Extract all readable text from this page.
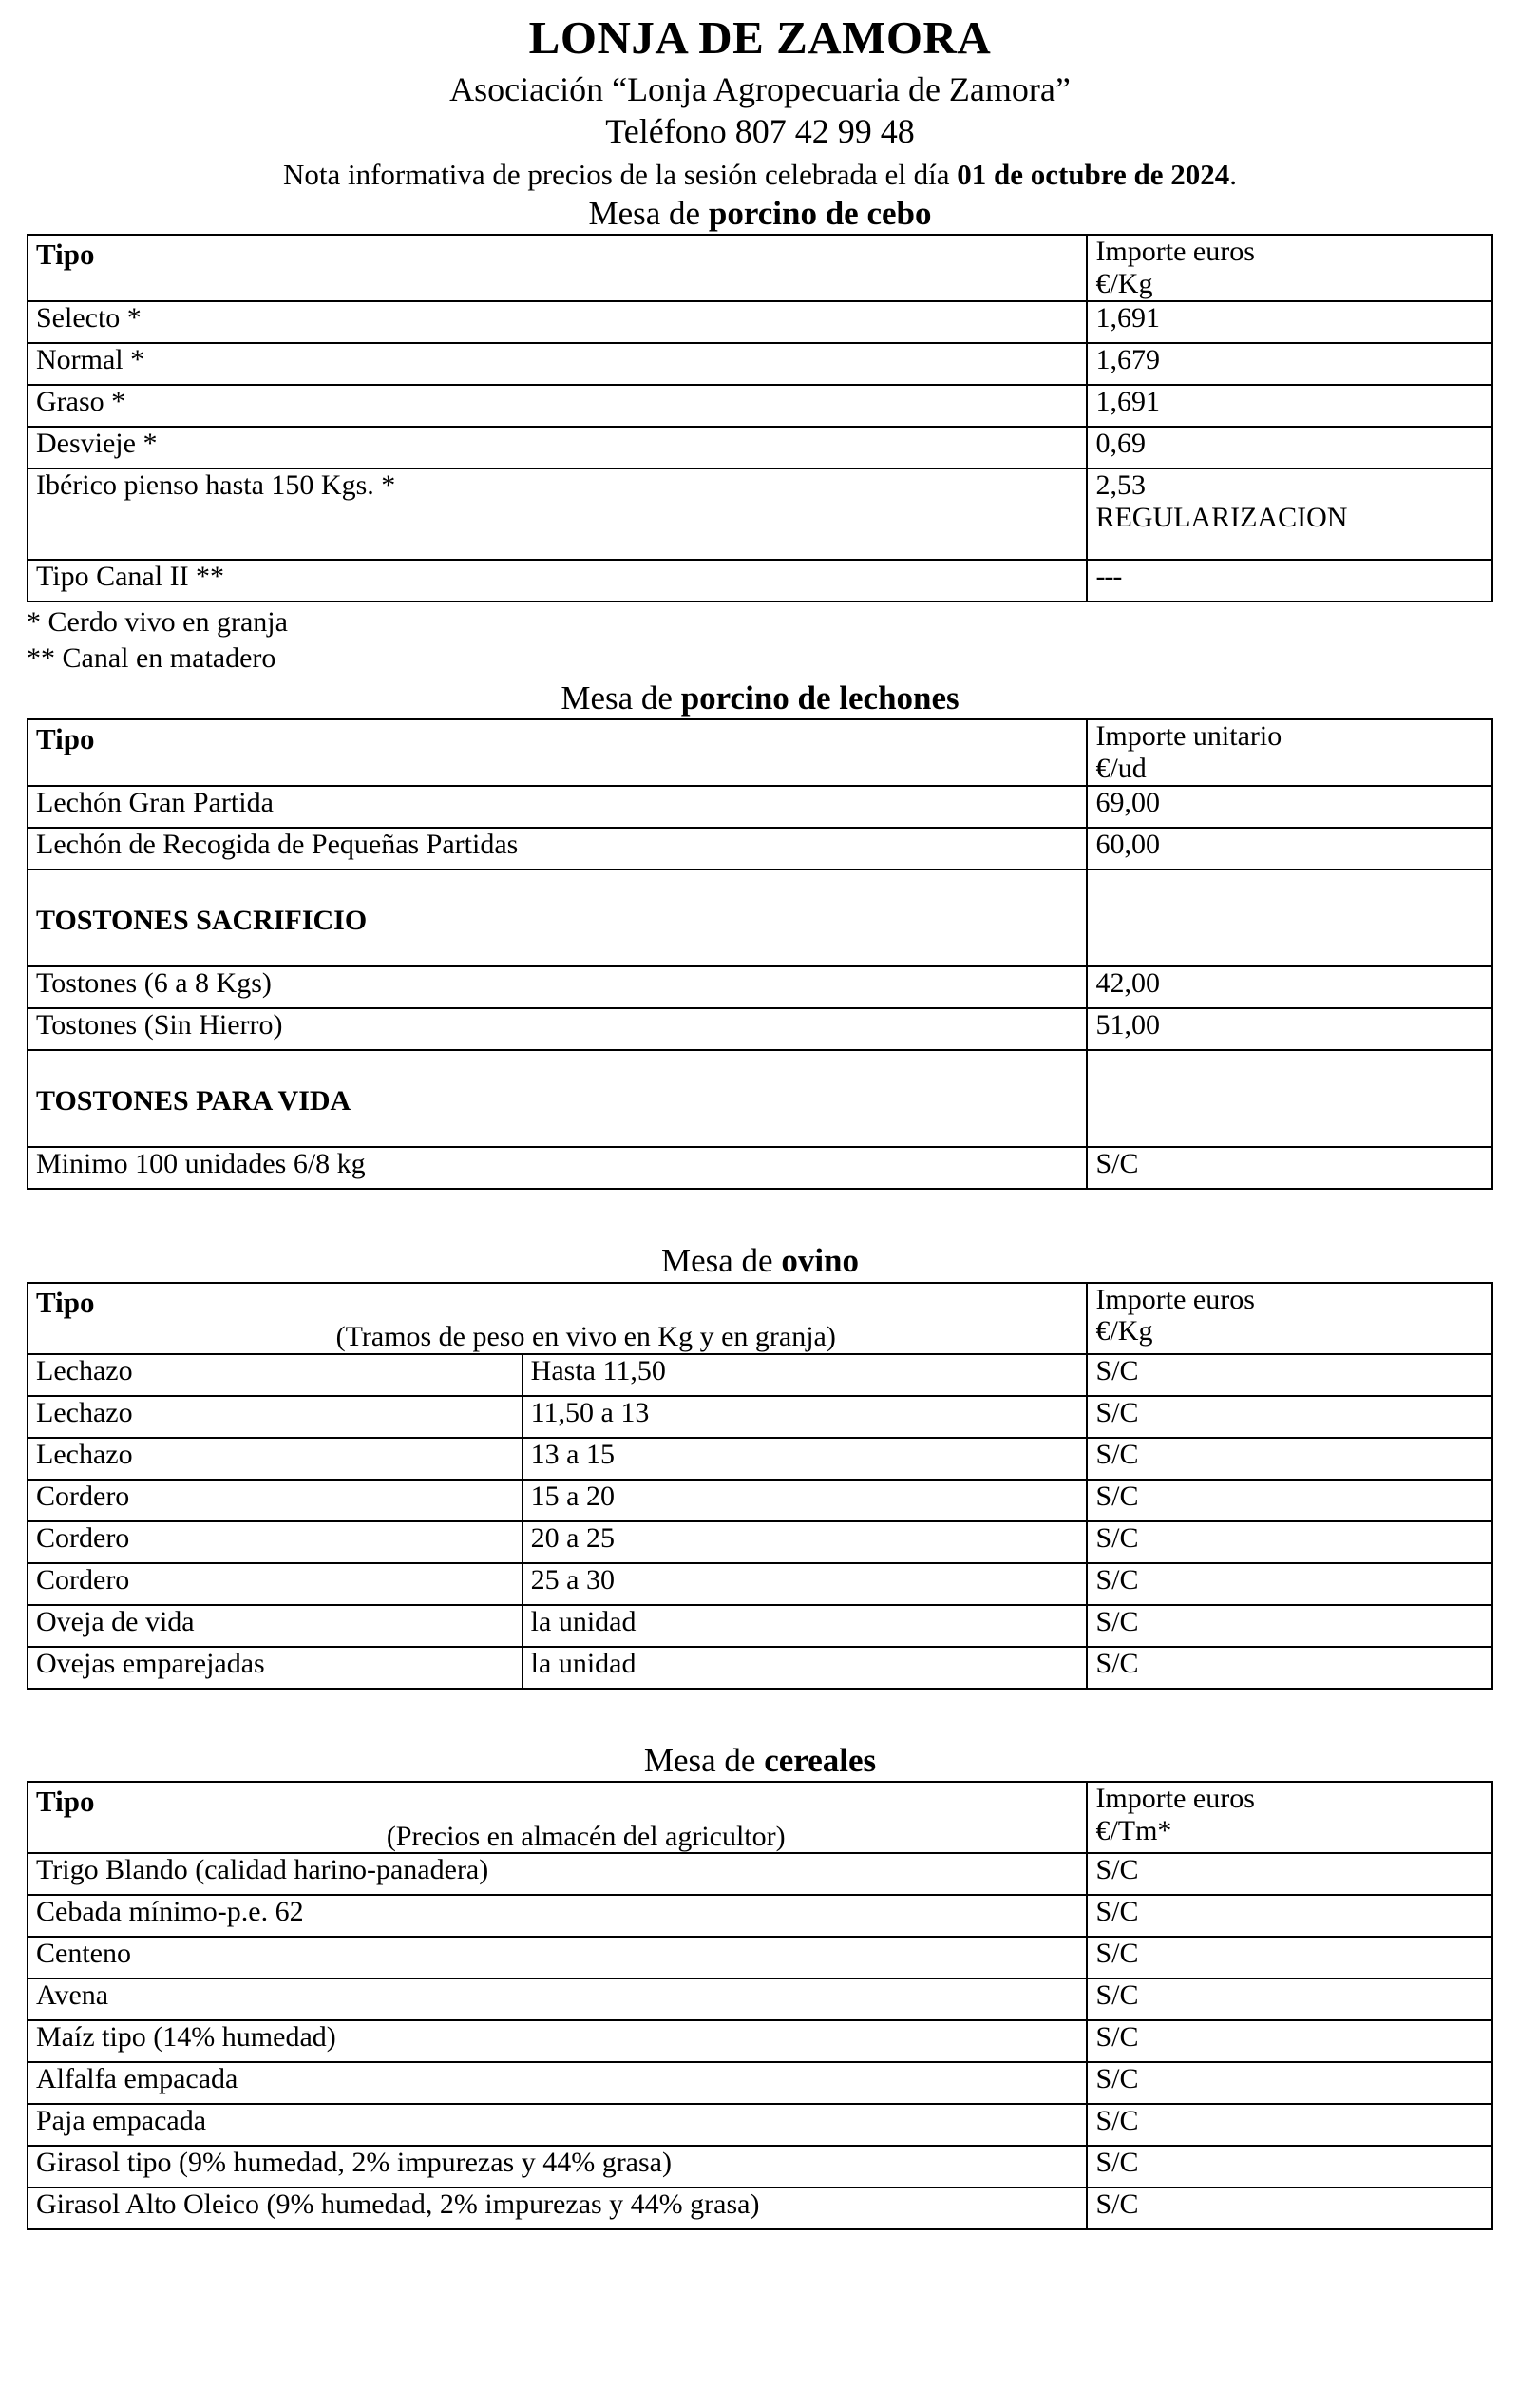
LONJA DE ZAMORA
Asociación “Lonja Agropecuaria de Zamora”
Teléfono 807 42 99 48
Nota informativa de precios de la sesión celebrada el día 01 de octubre de 2024.
Mesa de porcino de cebo
Tipo	Importe euros
€/Kg
Selecto *	1,691
Normal *	1,679
Graso *	1,691
Desvieje *	0,69
Ibérico pienso hasta 150 Kgs. *	2,53
REGULARIZACION
Tipo Canal II **	---
* Cerdo vivo en granja
** Canal en matadero
Mesa de porcino de lechones
Tipo	Importe unitario
€/ud
Lechón Gran Partida	69,00
Lechón de Recogida de Pequeñas Partidas	60,00

TOSTONES SACRIFICIO	
Tostones (6 a 8 Kgs)	42,00
Tostones (Sin Hierro)	51,00

TOSTONES PARA VIDA	
Minimo 100 unidades 6/8 kg	S/C
Mesa de ovino
Tipo
(Tramos de peso en vivo en Kg y en granja)		Importe euros
€/Kg
Lechazo	Hasta 11,50	S/C
Lechazo	11,50 a 13	S/C
Lechazo	13 a 15	S/C
Cordero	15 a 20	S/C
Cordero	20 a 25	S/C
Cordero	25 a 30	S/C
Oveja de vida	la unidad	S/C
Ovejas emparejadas	la unidad	S/C
Mesa de cereales
Tipo
(Precios en almacén del agricultor)	Importe euros
€/Tm*
Trigo Blando (calidad harino-panadera)	S/C
Cebada mínimo-p.e. 62	S/C
Centeno	S/C
Avena	S/C
Maíz tipo (14% humedad)	S/C
Alfalfa empacada	S/C
Paja empacada	S/C
Girasol tipo (9% humedad, 2% impurezas y 44% grasa)	S/C
Girasol Alto Oleico (9% humedad, 2% impurezas y 44% grasa)	S/C
